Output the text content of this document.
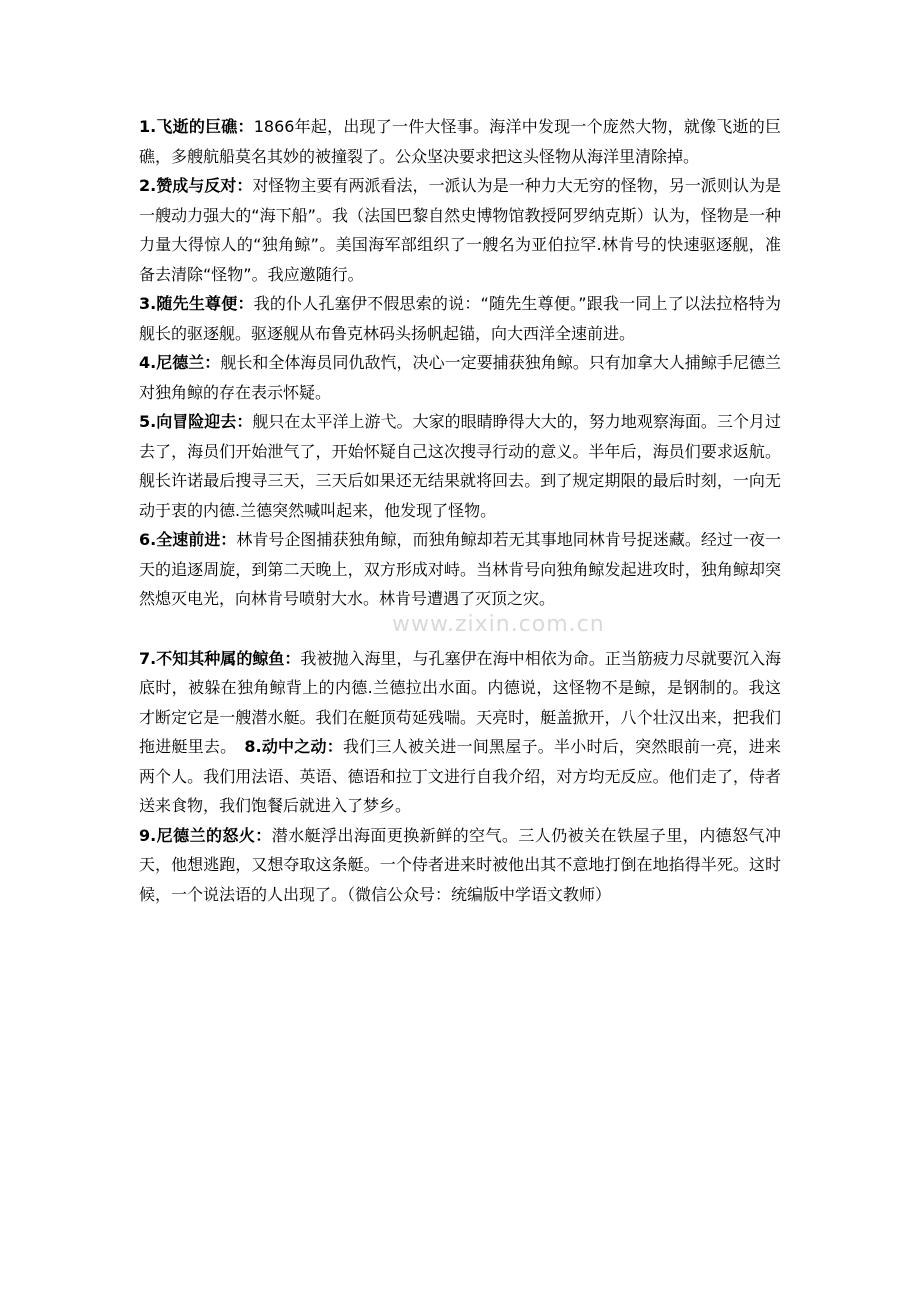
1.飞逝的巨礁：1866年起，出现了一件大怪事。海洋中发现一个庞然大物，就像飞逝的巨礁，多艘航船莫名其妙的被撞裂了。公众坚决要求把这头怪物从海洋里清除掉。

2.赞成与反对：对怪物主要有两派看法，一派认为是一种力大无穷的怪物，另一派则认为是一艘动力强大的“海下船”。我（法国巴黎自然史博物馆教授阿罗纳克斯）认为，怪物是一种力量大得惊人的“独角鲸”。美国海军部组织了一艘名为亚伯拉罕.林肯号的快速驱逐舰，准备去清除“怪物”。我应邀随行。

3.随先生尊便：我的仆人孔塞伊不假思索的说：“随先生尊便。”跟我一同上了以法拉格特为舰长的驱逐舰。驱逐舰从布鲁克林码头扬帆起锚，向大西洋全速前进。

4.尼德兰：舰长和全体海员同仇敌忾，决心一定要捕获独角鲸。只有加拿大人捕鲸手尼德兰对独角鲸的存在表示怀疑。

5.向冒险迎去：舰只在太平洋上游弋。大家的眼睛睁得大大的，努力地观察海面。三个月过去了，海员们开始泄气了，开始怀疑自己这次搜寻行动的意义。半年后，海员们要求返航。舰长许诺最后搜寻三天，三天后如果还无结果就将回去。到了规定期限的最后时刻，一向无动于衷的内德.兰德突然喊叫起来，他发现了怪物。

6.全速前进：林肯号企图捕获独角鲸，而独角鲸却若无其事地同林肯号捉迷藏。经过一夜一天的追逐周旋，到第二天晚上，双方形成对峙。当林肯号向独角鲸发起进攻时，独角鲸却突然熄灭电光，向林肯号喷射大水。林肯号遭遇了灭顶之灾。

7.不知其种属的鲸鱼：我被抛入海里，与孔塞伊在海中相依为命。正当筋疲力尽就要沉入海底时，被躲在独角鲸背上的内德.兰德拉出水面。内德说，这怪物不是鲸，是钢制的。我这才断定它是一艘潜水艇。我们在艇顶苟延残喘。天亮时，艇盖掀开，八个壮汉出来，把我们拖进艇里去。 8.动中之动：我们三人被关进一间黑屋子。半小时后，突然眼前一亮，进来两个人。我们用法语、英语、德语和拉丁文进行自我介绍，对方均无反应。他们走了，侍者送来食物，我们饱餐后就进入了梦乡。

9.尼德兰的怒火：潜水艇浮出海面更换新鲜的空气。三人仍被关在铁屋子里，内德怒气冲天，他想逃跑，又想夺取这条艇。一个侍者进来时被他出其不意地打倒在地掐得半死。这时候，一个说法语的人出现了。（微信公众号：统编版中学语文教师）

www.zixin.com.cn
